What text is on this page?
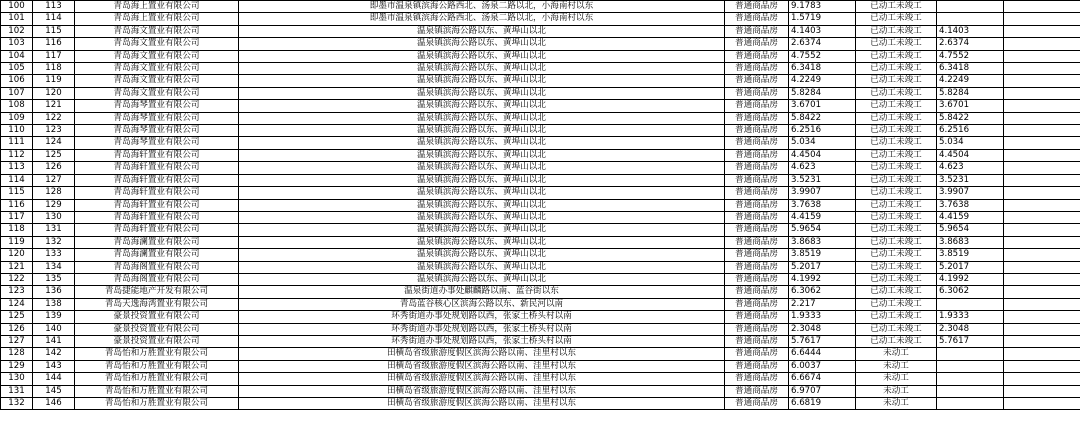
100	113	青岛海上置业有限公司	即墨市温泉镇滨海公路西北、汤泉二路以北，小海南村以东	普通商品房	9.1783	已动工未竣工		
101	114	青岛海上置业有限公司	即墨市温泉镇滨海公路西北、汤泉二路以北，小海南村以东	普通商品房	1.5719	已动工未竣工		
102	115	青岛海文置业有限公司	温泉镇滨海公路以东、黄埠山以北	普通商品房	4.1403	已动工未竣工	4.1403	
103	116	青岛海文置业有限公司	温泉镇滨海公路以东、黄埠山以北	普通商品房	2.6374	已动工未竣工	2.6374	
104	117	青岛海文置业有限公司	温泉镇滨海公路以东、黄埠山以北	普通商品房	4.7552	已动工未竣工	4.7552	
105	118	青岛海文置业有限公司	温泉镇滨海公路以东、黄埠山以北	普通商品房	6.3418	已动工未竣工	6.3418	
106	119	青岛海文置业有限公司	温泉镇滨海公路以东、黄埠山以北	普通商品房	4.2249	已动工未竣工	4.2249	
107	120	青岛海文置业有限公司	温泉镇滨海公路以东、黄埠山以北	普通商品房	5.8284	已动工未竣工	5.8284	
108	121	青岛海琴置业有限公司	温泉镇滨海公路以东、黄埠山以北	普通商品房	3.6701	已动工未竣工	3.6701	
109	122	青岛海琴置业有限公司	温泉镇滨海公路以东、黄埠山以北	普通商品房	5.8422	已动工未竣工	5.8422	
110	123	青岛海琴置业有限公司	温泉镇滨海公路以东、黄埠山以北	普通商品房	6.2516	已动工未竣工	6.2516	
111	124	青岛海琴置业有限公司	温泉镇滨海公路以东、黄埠山以北	普通商品房	5.034	已动工未竣工	5.034	
112	125	青岛海轩置业有限公司	温泉镇滨海公路以东、黄埠山以北	普通商品房	4.4504	已动工未竣工	4.4504	
113	126	青岛海轩置业有限公司	温泉镇滨海公路以东、黄埠山以北	普通商品房	4.623	已动工未竣工	4.623	
114	127	青岛海轩置业有限公司	温泉镇滨海公路以东、黄埠山以北	普通商品房	3.5231	已动工未竣工	3.5231	
115	128	青岛海轩置业有限公司	温泉镇滨海公路以东、黄埠山以北	普通商品房	3.9907	已动工未竣工	3.9907	
116	129	青岛海轩置业有限公司	温泉镇滨海公路以东、黄埠山以北	普通商品房	3.7638	已动工未竣工	3.7638	
117	130	青岛海轩置业有限公司	温泉镇滨海公路以东、黄埠山以北	普通商品房	4.4159	已动工未竣工	4.4159	
118	131	青岛海轩置业有限公司	温泉镇滨海公路以东、黄埠山以北	普通商品房	5.9654	已动工未竣工	5.9654	
119	132	青岛海澜置业有限公司	温泉镇滨海公路以东、黄埠山以北	普通商品房	3.8683	已动工未竣工	3.8683	
120	133	青岛海澜置业有限公司	温泉镇滨海公路以东、黄埠山以北	普通商品房	3.8519	已动工未竣工	3.8519	
121	134	青岛海阁置业有限公司	温泉镇滨海公路以东、黄埠山以北	普通商品房	5.2017	已动工未竣工	5.2017	
122	135	青岛海阁置业有限公司	温泉镇滨海公路以东、黄埠山以北	普通商品房	4.1992	已动工未竣工	4.1992	
123	136	青岛捷能地产开发有限公司	温泉街道办事处麒麟路以南、蓝谷街以东	普通商品房	6.3062	已动工未竣工	6.3062	
124	138	青岛天逸海湾置业有限公司	青岛蓝谷核心区滨海公路以东、新民河以南	普通商品房	2.217	已动工未竣工		
125	139	豪景投资置业有限公司	环秀街道办事处规划路以西，张家土桥头村以南	普通商品房	1.9333	已动工未竣工	1.9333	
126	140	豪景投资置业有限公司	环秀街道办事处规划路以西，张家土桥头村以南	普通商品房	2.3048	已动工未竣工	2.3048	
127	141	豪景投资置业有限公司	环秀街道办事处规划路以西，张家土桥头村以南	普通商品房	5.7617	已动工未竣工	5.7617	
128	142	青岛怡和万胜置业有限公司	田横岛省级旅游度假区滨海公路以南、洼里村以东	普通商品房	6.6444	未动工		
129	143	青岛怡和万胜置业有限公司	田横岛省级旅游度假区滨海公路以南、洼里村以东	普通商品房	6.0037	未动工		
130	144	青岛怡和万胜置业有限公司	田横岛省级旅游度假区滨海公路以南、洼里村以东	普通商品房	6.6674	未动工		
131	145	青岛怡和万胜置业有限公司	田横岛省级旅游度假区滨海公路以南、洼里村以东	普通商品房	6.9707	未动工		
132	146	青岛怡和万胜置业有限公司	田横岛省级旅游度假区滨海公路以南、洼里村以东	普通商品房	6.6819	未动工		
